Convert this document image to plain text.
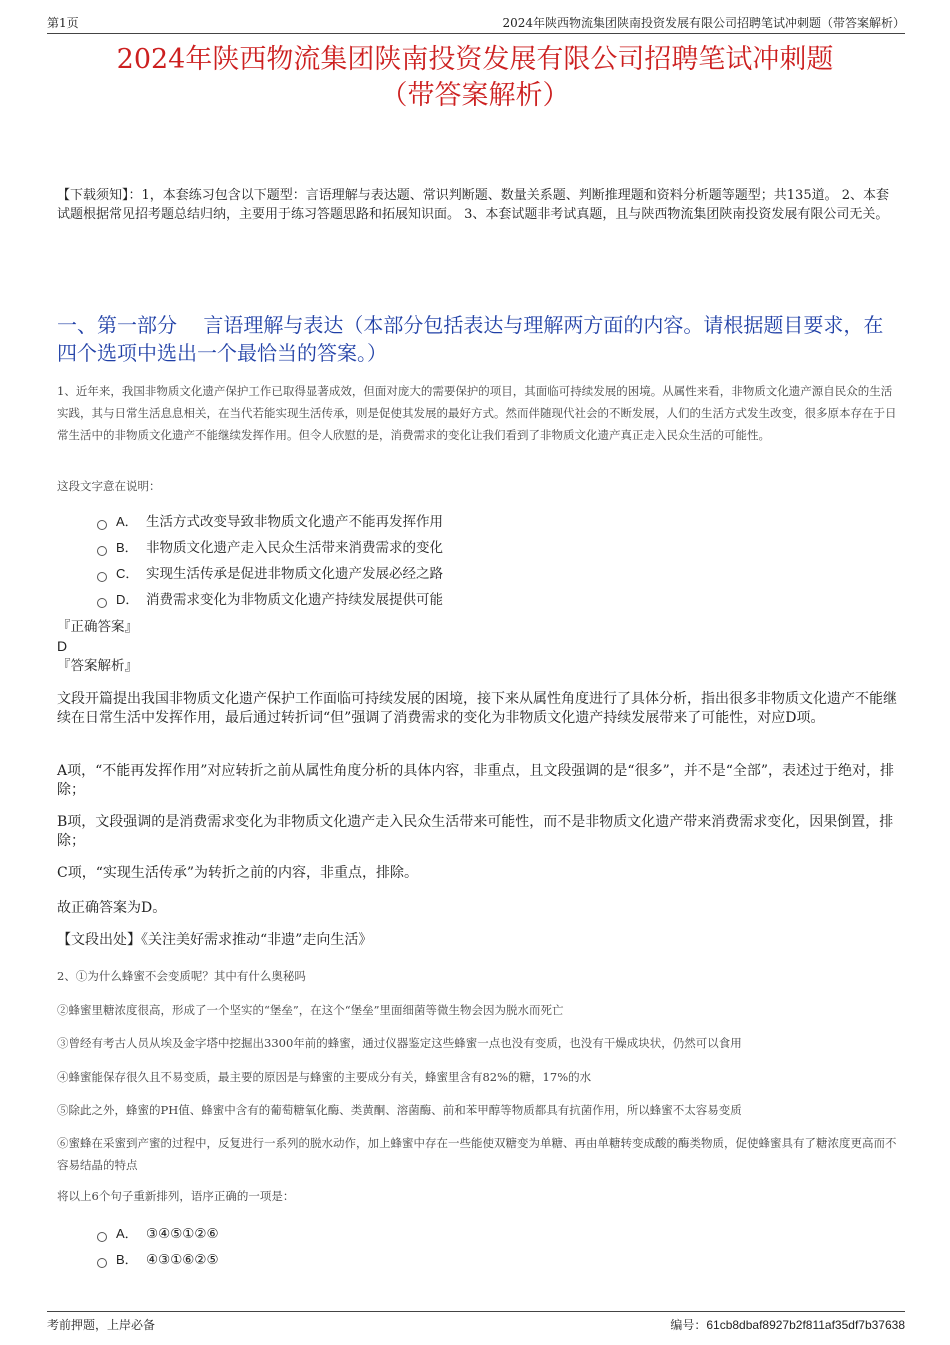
第1页	2024年陕西物流集团陕南投资发展有限公司招聘笔试冲刺题（带答案解析）
2024年陕西物流集团陕南投资发展有限公司招聘笔试冲刺题
（带答案解析）

【下载须知】：1，本套练习包含以下题型：言语理解与表达题、常识判断题、数量关系题、判断推理题和资料分析题等题型；共135道。 2、本套试题根据常见招考题总结归纳，主要用于练习答题思路和拓展知识面。 3、本套试题非考试真题，且与陕西物流集团陕南投资发展有限公司无关。

一、第一部分　 言语理解与表达（本部分包括表达与理解两方面的内容。请根据题目要求，在四个选项中选出一个最恰当的答案。）

1、近年来，我国非物质文化遗产保护工作已取得显著成效，但面对庞大的需要保护的项目，其面临可持续发展的困境。从属性来看，非物质文化遗产源自民众的生活实践，其与日常生活息息相关，在当代若能实现生活传承，则是促使其发展的最好方式。然而伴随现代社会的不断发展，人们的生活方式发生改变，很多原本存在于日常生活中的非物质文化遗产不能继续发挥作用。但令人欣慰的是，消费需求的变化让我们看到了非物质文化遗产真正走入民众生活的可能性。

这段文字意在说明：

A． 生活方式改变导致非物质文化遗产不能再发挥作用
B． 非物质文化遗产走入民众生活带来消费需求的变化
C． 实现生活传承是促进非物质文化遗产发展必经之路
D． 消费需求变化为非物质文化遗产持续发展提供可能

『正确答案』

D

『答案解析』

文段开篇提出我国非物质文化遗产保护工作面临可持续发展的困境，接下来从属性角度进行了具体分析，指出很多非物质文化遗产不能继续在日常生活中发挥作用，最后通过转折词“但”强调了消费需求的变化为非物质文化遗产持续发展带来了可能性，对应D项。

A项，“不能再发挥作用”对应转折之前从属性角度分析的具体内容，非重点，且文段强调的是“很多”，并不是“全部”，表述过于绝对，排除；

B项，文段强调的是消费需求变化为非物质文化遗产走入民众生活带来可能性，而不是非物质文化遗产带来消费需求变化，因果倒置，排除；

C项，“实现生活传承”为转折之前的内容，非重点，排除。

故正确答案为D。

【文段出处】《关注美好需求推动“非遗”走向生活》

2、①为什么蜂蜜不会变质呢？其中有什么奥秘吗

②蜂蜜里糖浓度很高，形成了一个坚实的“堡垒”，在这个“堡垒”里面细菌等微生物会因为脱水而死亡

③曾经有考古人员从埃及金字塔中挖掘出3300年前的蜂蜜，通过仪器鉴定这些蜂蜜一点也没有变质，也没有干燥成块状，仍然可以食用

④蜂蜜能保存很久且不易变质，最主要的原因是与蜂蜜的主要成分有关，蜂蜜里含有82%的糖，17%的水

⑤除此之外，蜂蜜的PH值、蜂蜜中含有的葡萄糖氧化酶、类黄酮、溶菌酶、前和苯甲醇等物质都具有抗菌作用，所以蜂蜜不太容易变质

⑥蜜蜂在采蜜到产蜜的过程中，反复进行一系列的脱水动作，加上蜂蜜中存在一些能使双糖变为单糖、再由单糖转变成酸的酶类物质，促使蜂蜜具有了糖浓度更高而不容易结晶的特点

将以上6个句子重新排列，语序正确的一项是：

A． ③④⑤①②⑥
B． ④③①⑥②⑤
考前押题，上岸必备	编号：61cb8dbaf8927b2f811af35df7b37638
